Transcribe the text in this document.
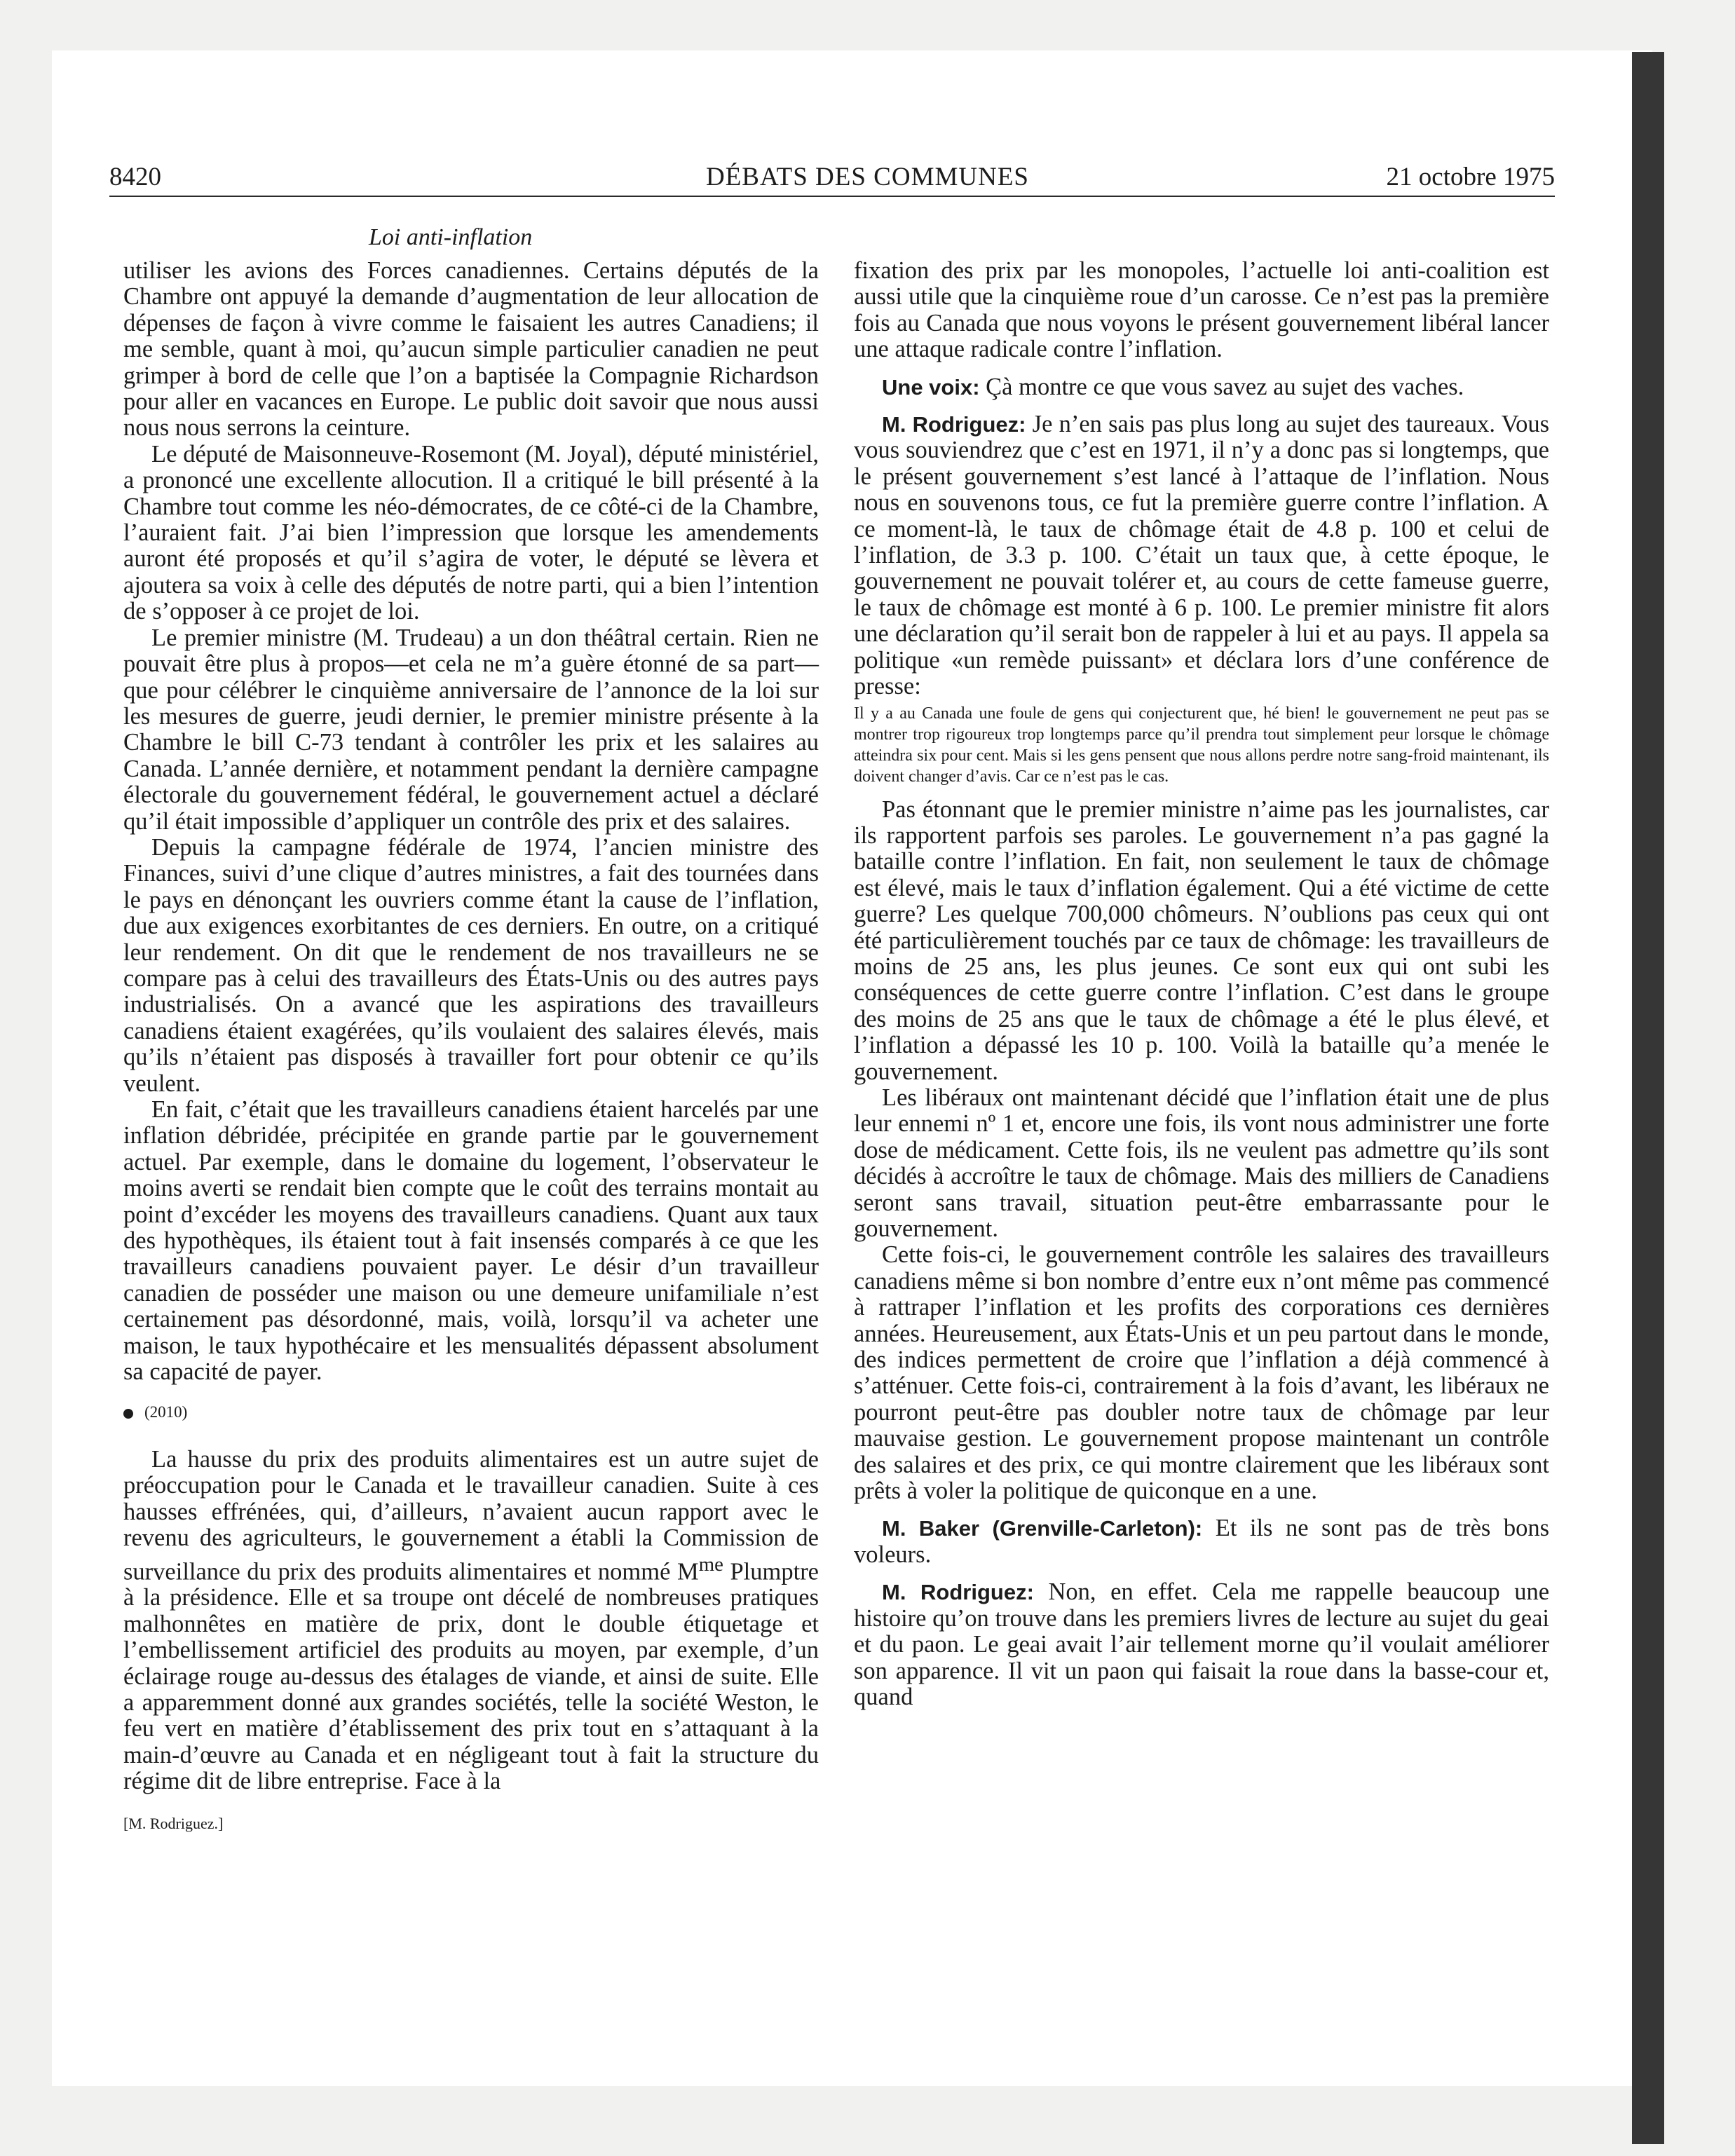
8420	DÉBATS DES COMMUNES	21 octobre 1975
Loi anti-inflation

utiliser les avions des Forces canadiennes. Certains députés de la Chambre ont appuyé la demande d’augmentation de leur allocation de dépenses de façon à vivre comme le faisaient les autres Canadiens; il me semble, quant à moi, qu’aucun simple particulier canadien ne peut grimper à bord de celle que l’on a baptisée la Compagnie Richardson pour aller en vacances en Europe. Le public doit savoir que nous aussi nous nous serrons la ceinture.

Le député de Maisonneuve-Rosemont (M. Joyal), député ministériel, a prononcé une excellente allocution. Il a critiqué le bill présenté à la Chambre tout comme les néo-démocrates, de ce côté-ci de la Chambre, l’auraient fait. J’ai bien l’impression que lorsque les amendements auront été proposés et qu’il s’agira de voter, le député se lèvera et ajoutera sa voix à celle des députés de notre parti, qui a bien l’intention de s’opposer à ce projet de loi.

Le premier ministre (M. Trudeau) a un don théâtral certain. Rien ne pouvait être plus à propos—et cela ne m’a guère étonné de sa part—que pour célébrer le cinquième anniversaire de l’annonce de la loi sur les mesures de guerre, jeudi dernier, le premier ministre présente à la Chambre le bill C-73 tendant à contrôler les prix et les salaires au Canada. L’année dernière, et notamment pendant la dernière campagne électorale du gouvernement fédéral, le gouvernement actuel a déclaré qu’il était impossible d’appliquer un contrôle des prix et des salaires.

Depuis la campagne fédérale de 1974, l’ancien ministre des Finances, suivi d’une clique d’autres ministres, a fait des tournées dans le pays en dénonçant les ouvriers comme étant la cause de l’inflation, due aux exigences exorbitantes de ces derniers. En outre, on a critiqué leur rendement. On dit que le rendement de nos travailleurs ne se compare pas à celui des travailleurs des États-Unis ou des autres pays industrialisés. On a avancé que les aspirations des travailleurs canadiens étaient exagérées, qu’ils voulaient des salaires élevés, mais qu’ils n’étaient pas disposés à travailler fort pour obtenir ce qu’ils veulent.

En fait, c’était que les travailleurs canadiens étaient harcelés par une inflation débridée, précipitée en grande partie par le gouvernement actuel. Par exemple, dans le domaine du logement, l’observateur le moins averti se rendait bien compte que le coût des terrains montait au point d’excéder les moyens des travailleurs canadiens. Quant aux taux des hypothèques, ils étaient tout à fait insensés comparés à ce que les travailleurs canadiens pouvaient payer. Le désir d’un travailleur canadien de posséder une maison ou une demeure unifamiliale n’est certainement pas désordonné, mais, voilà, lorsqu’il va acheter une maison, le taux hypothécaire et les mensualités dépassent absolument sa capacité de payer.

(2010)

La hausse du prix des produits alimentaires est un autre sujet de préoccupation pour le Canada et le travailleur canadien. Suite à ces hausses effrénées, qui, d’ailleurs, n’avaient aucun rapport avec le revenu des agriculteurs, le gouvernement a établi la Commission de surveillance du prix des produits alimentaires et nommé $M^{me}$ Plumptre à la présidence. Elle et sa troupe ont décelé de nombreuses pratiques malhonnêtes en matière de prix, dont le double étiquetage et l’embellissement artificiel des produits au moyen, par exemple, d’un éclairage rouge au-dessus des étalages de viande, et ainsi de suite. Elle a apparemment donné aux grandes sociétés, telle la société Weston, le feu vert en matière d’établissement des prix tout en s’attaquant à la main-d’œuvre au Canada et en négligeant tout à fait la structure du régime dit de libre entreprise. Face à la

[M. Rodriguez.]

fixation des prix par les monopoles, l’actuelle loi anti-coalition est aussi utile que la cinquième roue d’un carosse. Ce n’est pas la première fois au Canada que nous voyons le présent gouvernement libéral lancer une attaque radicale contre l’inflation.

Une voix: Çà montre ce que vous savez au sujet des vaches.

M. Rodriguez: Je n’en sais pas plus long au sujet des taureaux. Vous vous souviendrez que c’est en 1971, il n’y a donc pas si longtemps, que le présent gouvernement s’est lancé à l’attaque de l’inflation. Nous nous en souvenons tous, ce fut la première guerre contre l’inflation. A ce moment-là, le taux de chômage était de 4.8 p. 100 et celui de l’inflation, de 3.3 p. 100. C’était un taux que, à cette époque, le gouvernement ne pouvait tolérer et, au cours de cette fameuse guerre, le taux de chômage est monté à 6 p. 100. Le premier ministre fit alors une déclaration qu’il serait bon de rappeler à lui et au pays. Il appela sa politique «un remède puissant» et déclara lors d’une conférence de presse:

Il y a au Canada une foule de gens qui conjecturent que, hé bien! le gouvernement ne peut pas se montrer trop rigoureux trop longtemps parce qu’il prendra tout simplement peur lorsque le chômage atteindra six pour cent. Mais si les gens pensent que nous allons perdre notre sang-froid maintenant, ils doivent changer d’avis. Car ce n’est pas le cas.

Pas étonnant que le premier ministre n’aime pas les journalistes, car ils rapportent parfois ses paroles. Le gouvernement n’a pas gagné la bataille contre l’inflation. En fait, non seulement le taux de chômage est élevé, mais le taux d’inflation également. Qui a été victime de cette guerre? Les quelque 700,000 chômeurs. N’oublions pas ceux qui ont été particulièrement touchés par ce taux de chômage: les travailleurs de moins de 25 ans, les plus jeunes. Ce sont eux qui ont subi les conséquences de cette guerre contre l’inflation. C’est dans le groupe des moins de 25 ans que le taux de chômage a été le plus élevé, et l’inflation a dépassé les 10 p. 100. Voilà la bataille qu’a menée le gouvernement.

Les libéraux ont maintenant décidé que l’inflation était une de plus leur ennemi nº 1 et, encore une fois, ils vont nous administrer une forte dose de médicament. Cette fois, ils ne veulent pas admettre qu’ils sont décidés à accroître le taux de chômage. Mais des milliers de Canadiens seront sans travail, situation peut-être embarrassante pour le gouvernement.

Cette fois-ci, le gouvernement contrôle les salaires des travailleurs canadiens même si bon nombre d’entre eux n’ont même pas commencé à rattraper l’inflation et les profits des corporations ces dernières années. Heureusement, aux États-Unis et un peu partout dans le monde, des indices permettent de croire que l’inflation a déjà commencé à s’atténuer. Cette fois-ci, contrairement à la fois d’avant, les libéraux ne pourront peut-être pas doubler notre taux de chômage par leur mauvaise gestion. Le gouvernement propose maintenant un contrôle des salaires et des prix, ce qui montre clairement que les libéraux sont prêts à voler la politique de quiconque en a une.

M. Baker (Grenville-Carleton): Et ils ne sont pas de très bons voleurs.

M. Rodriguez: Non, en effet. Cela me rappelle beaucoup une histoire qu’on trouve dans les premiers livres de lecture au sujet du geai et du paon. Le geai avait l’air tellement morne qu’il voulait améliorer son apparence. Il vit un paon qui faisait la roue dans la basse-cour et, quand
